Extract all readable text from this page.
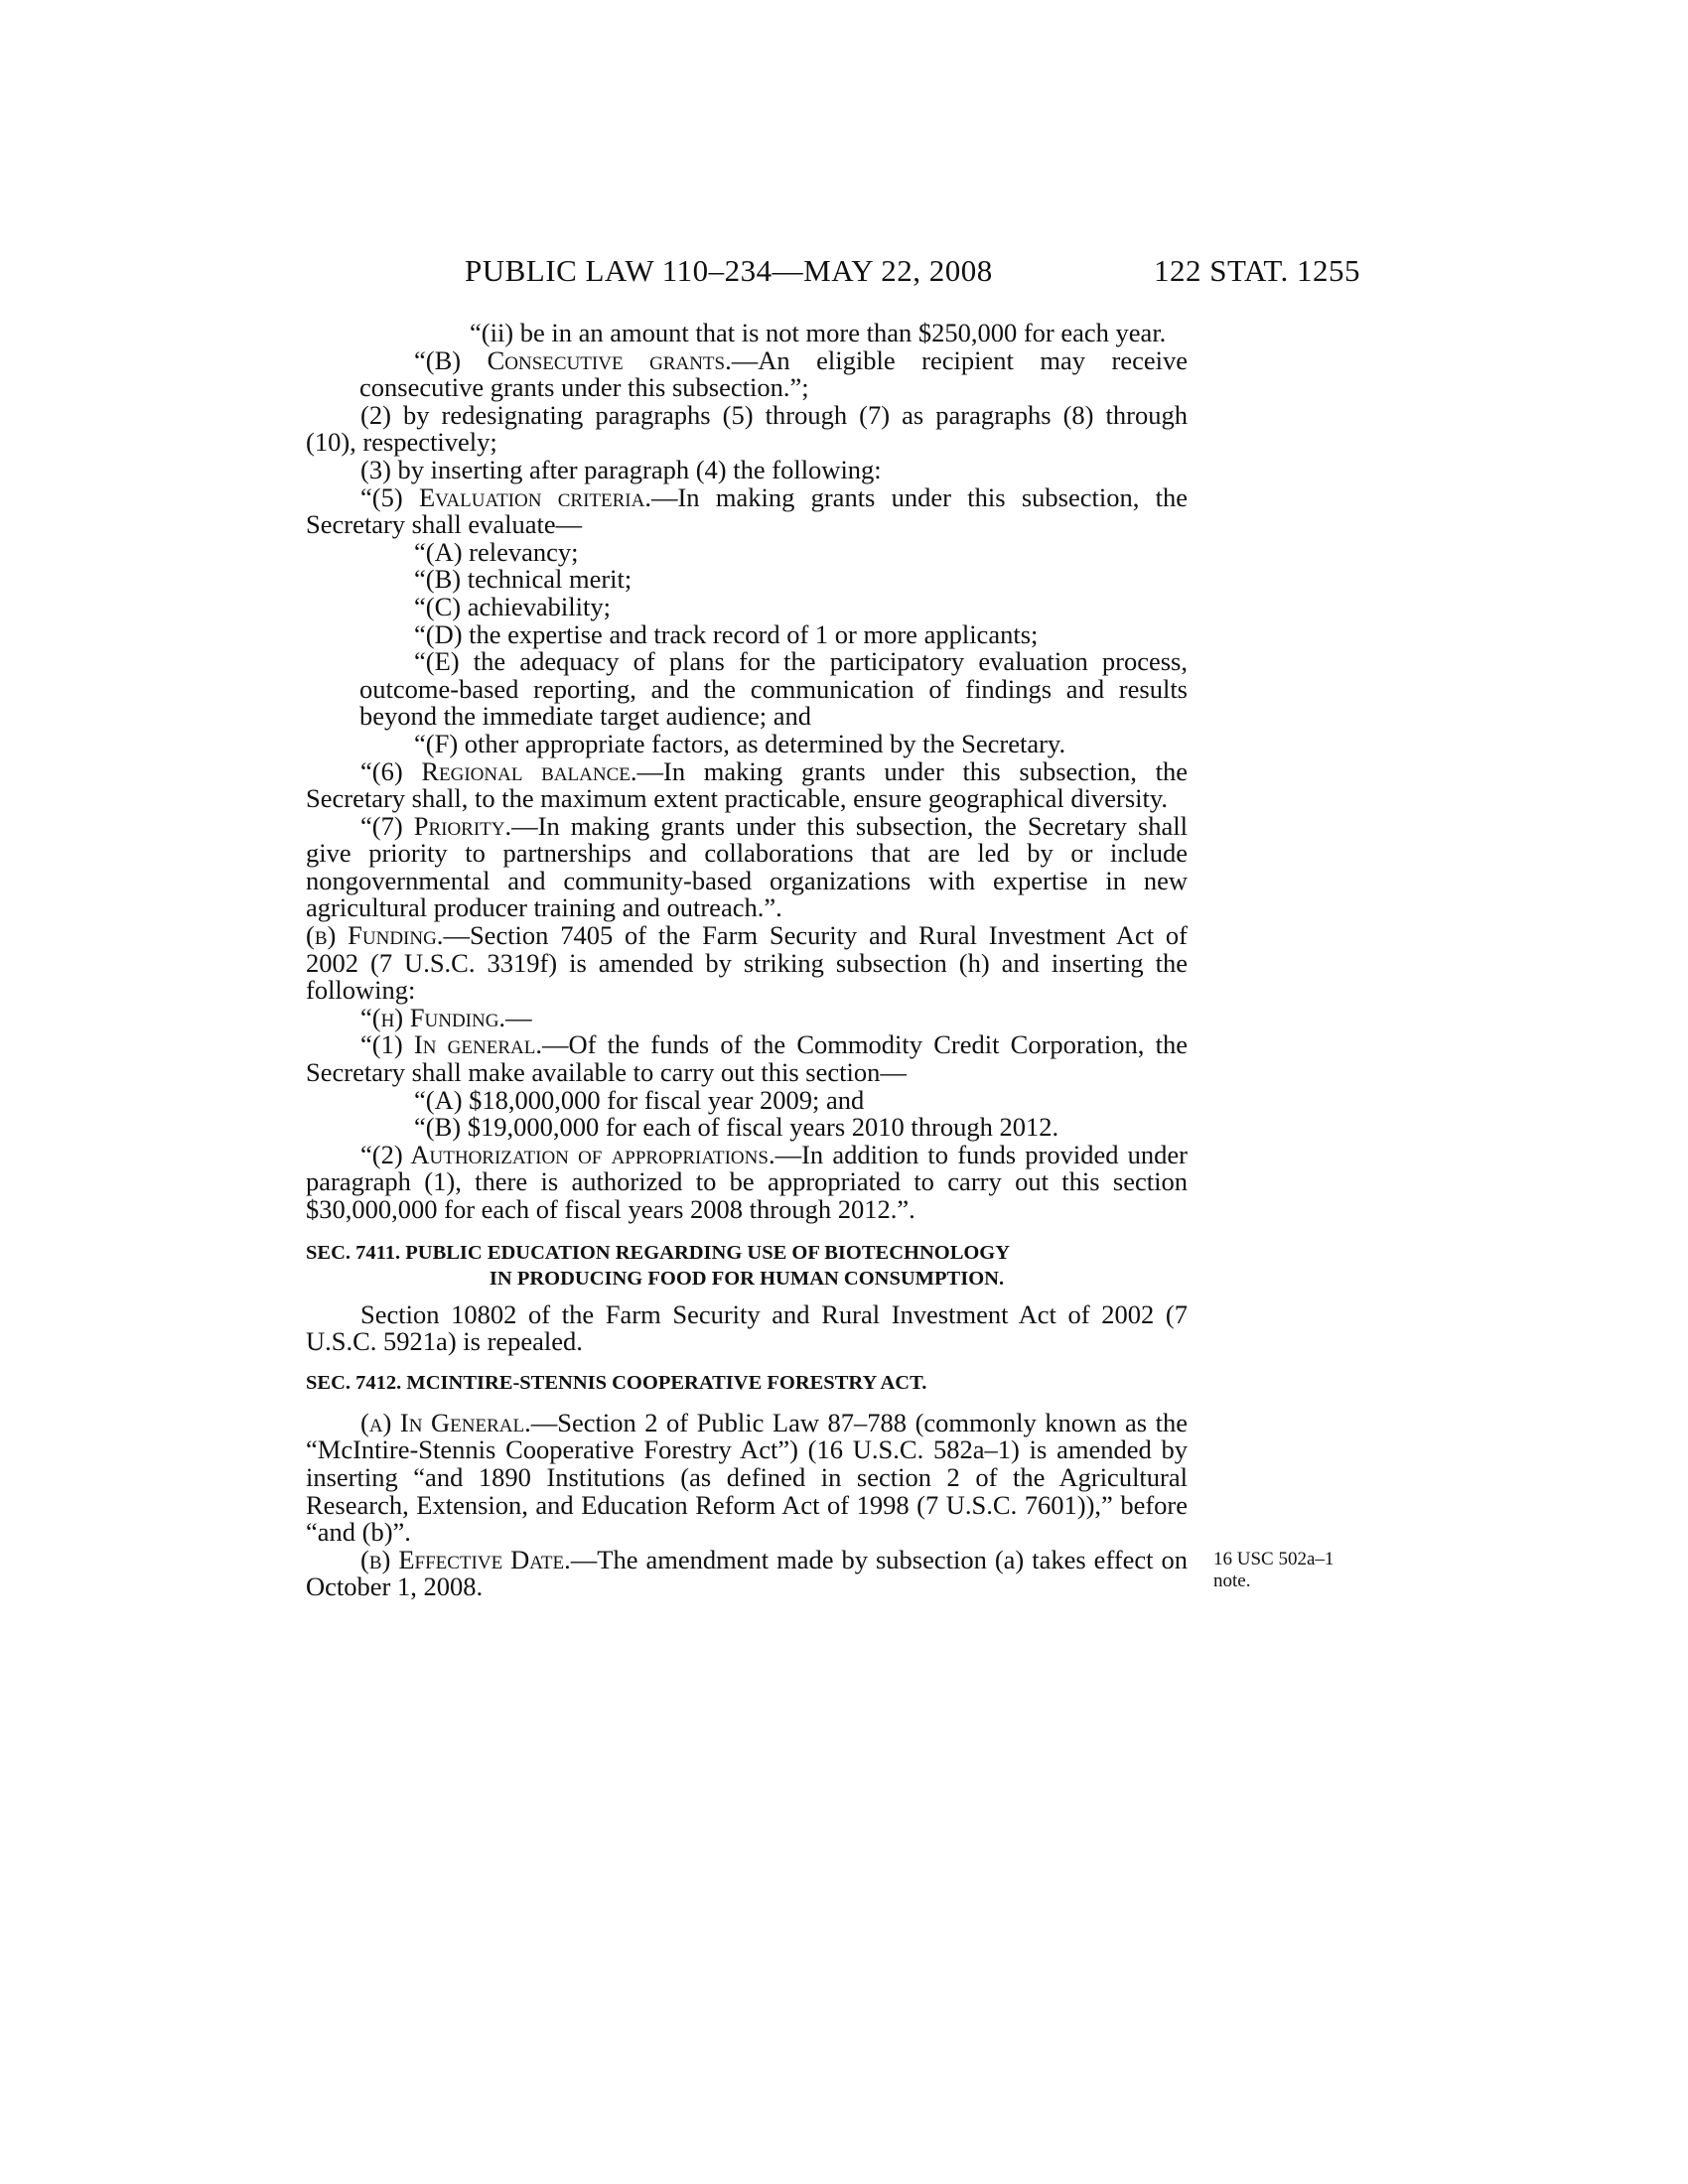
PUBLIC LAW 110–234—MAY 22, 2008	122 STAT. 1255

“(ii) be in an amount that is not more than $250,000 for each year.

“(B) Consecutive grants.—An eligible recipient may receive consecutive grants under this subsection.”;

(2) by redesignating paragraphs (5) through (7) as paragraphs (8) through (10), respectively;

(3) by inserting after paragraph (4) the following:

“(5) Evaluation criteria.—In making grants under this subsection, the Secretary shall evaluate—

“(A) relevancy;

“(B) technical merit;

“(C) achievability;

“(D) the expertise and track record of 1 or more applicants;

“(E) the adequacy of plans for the participatory evaluation process, outcome-based reporting, and the communication of findings and results beyond the immediate target audience; and

“(F) other appropriate factors, as determined by the Secretary.

“(6) Regional balance.—In making grants under this subsection, the Secretary shall, to the maximum extent practicable, ensure geographical diversity.

“(7) Priority.—In making grants under this subsection, the Secretary shall give priority to partnerships and collaborations that are led by or include nongovernmental and community-based organizations with expertise in new agricultural producer training and outreach.”.

(b) Funding.—Section 7405 of the Farm Security and Rural Investment Act of 2002 (7 U.S.C. 3319f) is amended by striking subsection (h) and inserting the following:

“(h) Funding.—

“(1) In general.—Of the funds of the Commodity Credit Corporation, the Secretary shall make available to carry out this section—

“(A) $18,000,000 for fiscal year 2009; and

“(B) $19,000,000 for each of fiscal years 2010 through 2012.

“(2) Authorization of appropriations.—In addition to funds provided under paragraph (1), there is authorized to be appropriated to carry out this section $30,000,000 for each of fiscal years 2008 through 2012.”.

SEC. 7411. PUBLIC EDUCATION REGARDING USE OF BIOTECHNOLOGY
IN PRODUCING FOOD FOR HUMAN CONSUMPTION.

Section 10802 of the Farm Security and Rural Investment Act of 2002 (7 U.S.C. 5921a) is repealed.

SEC. 7412. MCINTIRE-STENNIS COOPERATIVE FORESTRY ACT.

(a) In General.—Section 2 of Public Law 87–788 (commonly known as the “McIntire-Stennis Cooperative Forestry Act”) (16 U.S.C. 582a–1) is amended by inserting “and 1890 Institutions (as defined in section 2 of the Agricultural Research, Extension, and Education Reform Act of 1998 (7 U.S.C. 7601)),” before “and (b)”.

(b) Effective Date.—The amendment made by subsection (a) takes effect on October 1, 2008.

16 USC 502a–1
note.
